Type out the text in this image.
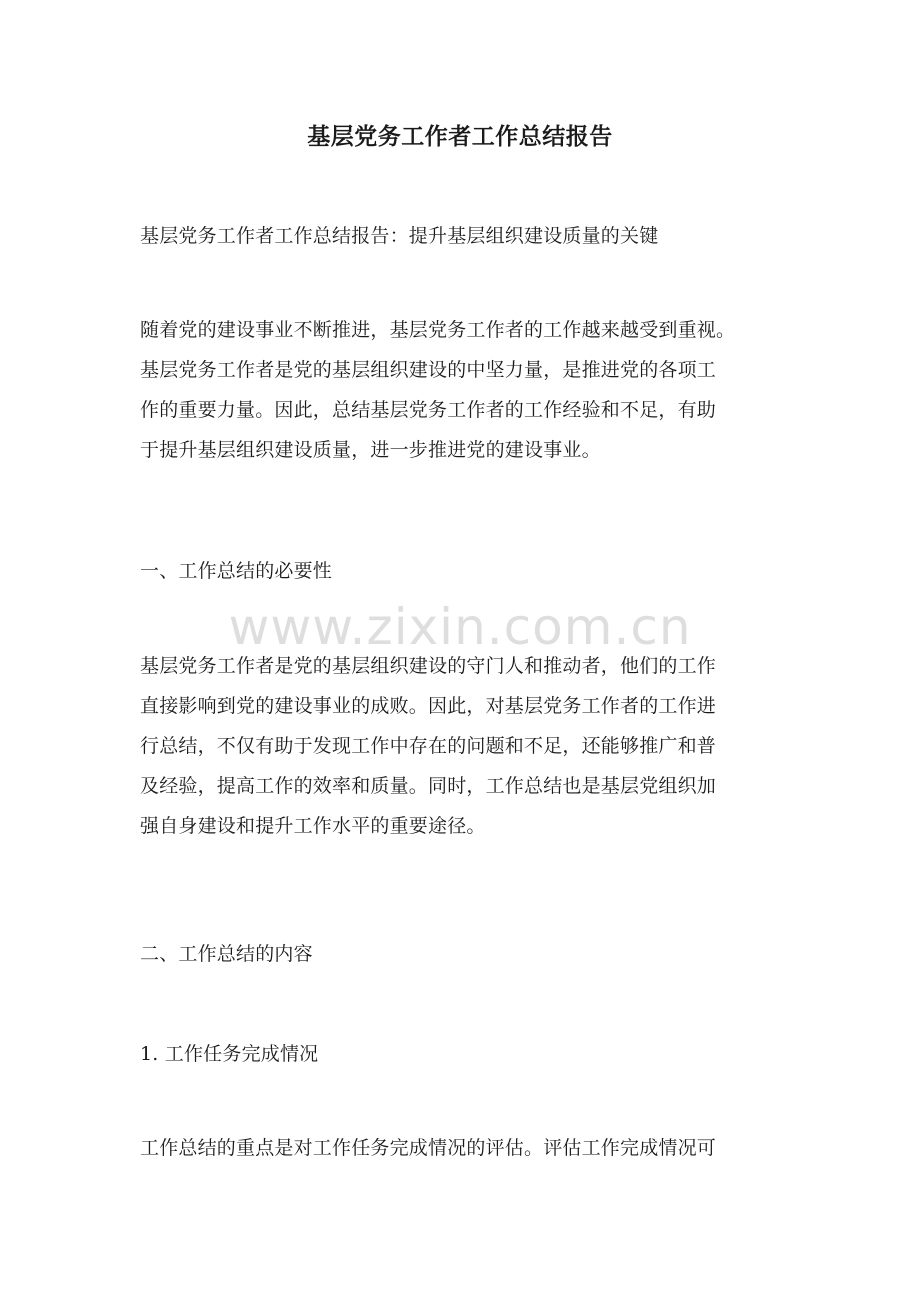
基层党务工作者工作总结报告
基层党务工作者工作总结报告：提升基层组织建设质量的关键
随着党的建设事业不断推进，基层党务工作者的工作越来越受到重视。
基层党务工作者是党的基层组织建设的中坚力量，是推进党的各项工
作的重要力量。因此，总结基层党务工作者的工作经验和不足，有助
于提升基层组织建设质量，进一步推进党的建设事业。
一、工作总结的必要性
www.zixin.com.cn
基层党务工作者是党的基层组织建设的守门人和推动者，他们的工作
直接影响到党的建设事业的成败。因此，对基层党务工作者的工作进
行总结，不仅有助于发现工作中存在的问题和不足，还能够推广和普
及经验，提高工作的效率和质量。同时，工作总结也是基层党组织加
强自身建设和提升工作水平的重要途径。
二、工作总结的内容
1. 工作任务完成情况
工作总结的重点是对工作任务完成情况的评估。评估工作完成情况可
